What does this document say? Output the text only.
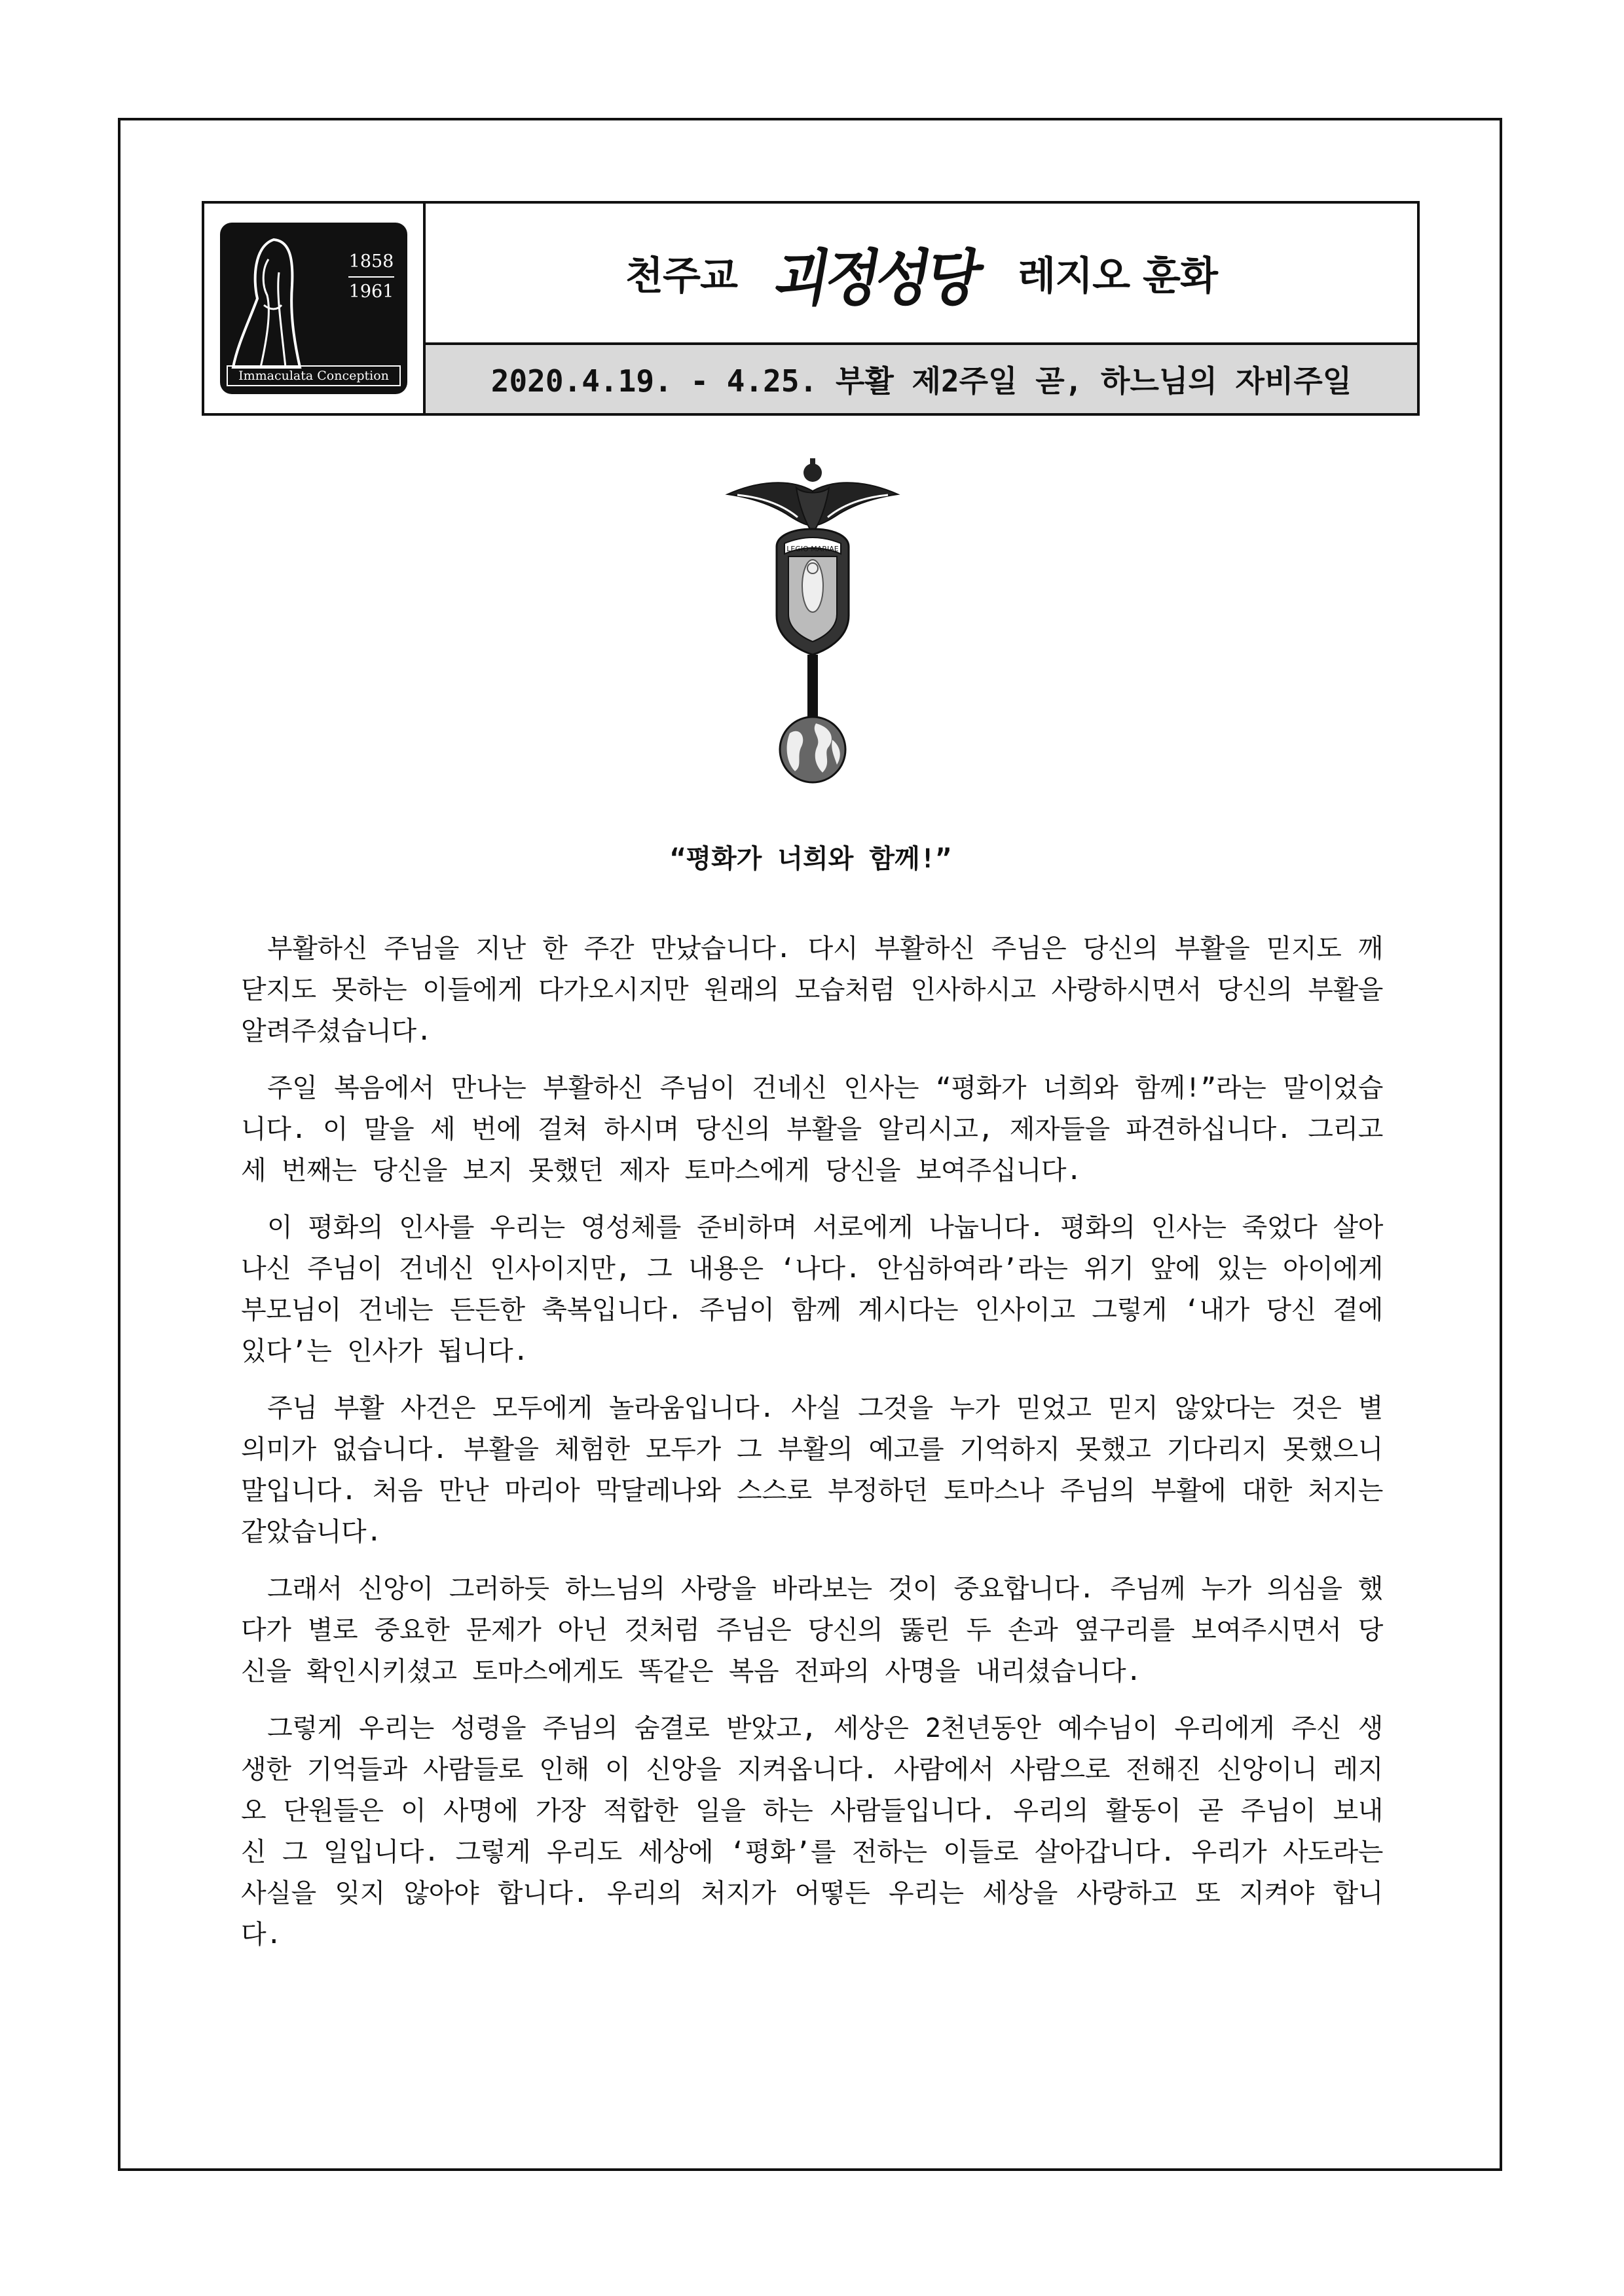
1858
1961
Immaculata Conception
천주교 괴정성당 레지오 훈화
2020.4.19. - 4.25. 부활 제2주일 곧, 하느님의 자비주일
LEGIO MARIAE
“평화가 너희와 함께!”

부활하신 주님을 지난 한 주간 만났습니다. 다시 부활하신 주님은 당신의 부활을 믿지도 깨닫지도 못하는 이들에게 다가오시지만 원래의 모습처럼 인사하시고 사랑하시면서 당신의 부활을 알려주셨습니다.

주일 복음에서 만나는 부활하신 주님이 건네신 인사는 “평화가 너희와 함께!”라는 말이었습니다. 이 말을 세 번에 걸쳐 하시며 당신의 부활을 알리시고, 제자들을 파견하십니다. 그리고 세 번째는 당신을 보지 못했던 제자 토마스에게 당신을 보여주십니다.

이 평화의 인사를 우리는 영성체를 준비하며 서로에게 나눕니다. 평화의 인사는 죽었다 살아나신 주님이 건네신 인사이지만, 그 내용은 ‘나다. 안심하여라’라는 위기 앞에 있는 아이에게 부모님이 건네는 든든한 축복입니다. 주님이 함께 계시다는 인사이고 그렇게 ‘내가 당신 곁에 있다’는 인사가 됩니다.

주님 부활 사건은 모두에게 놀라움입니다. 사실 그것을 누가 믿었고 믿지 않았다는 것은 별 의미가 없습니다. 부활을 체험한 모두가 그 부활의 예고를 기억하지 못했고 기다리지 못했으니 말입니다. 처음 만난 마리아 막달레나와 스스로 부정하던 토마스나 주님의 부활에 대한 처지는 같았습니다.

그래서 신앙이 그러하듯 하느님의 사랑을 바라보는 것이 중요합니다. 주님께 누가 의심을 했다가 별로 중요한 문제가 아닌 것처럼 주님은 당신의 뚫린 두 손과 옆구리를 보여주시면서 당신을 확인시키셨고 토마스에게도 똑같은 복음 전파의 사명을 내리셨습니다.

그렇게 우리는 성령을 주님의 숨결로 받았고, 세상은 2천년동안 예수님이 우리에게 주신 생생한 기억들과 사람들로 인해 이 신앙을 지켜옵니다. 사람에서 사람으로 전해진 신앙이니 레지오 단원들은 이 사명에 가장 적합한 일을 하는 사람들입니다. 우리의 활동이 곧 주님이 보내신 그 일입니다. 그렇게 우리도 세상에 ‘평화’를 전하는 이들로 살아갑니다. 우리가 사도라는 사실을 잊지 않아야 합니다. 우리의 처지가 어떻든 우리는 세상을 사랑하고 또 지켜야 합니다.
